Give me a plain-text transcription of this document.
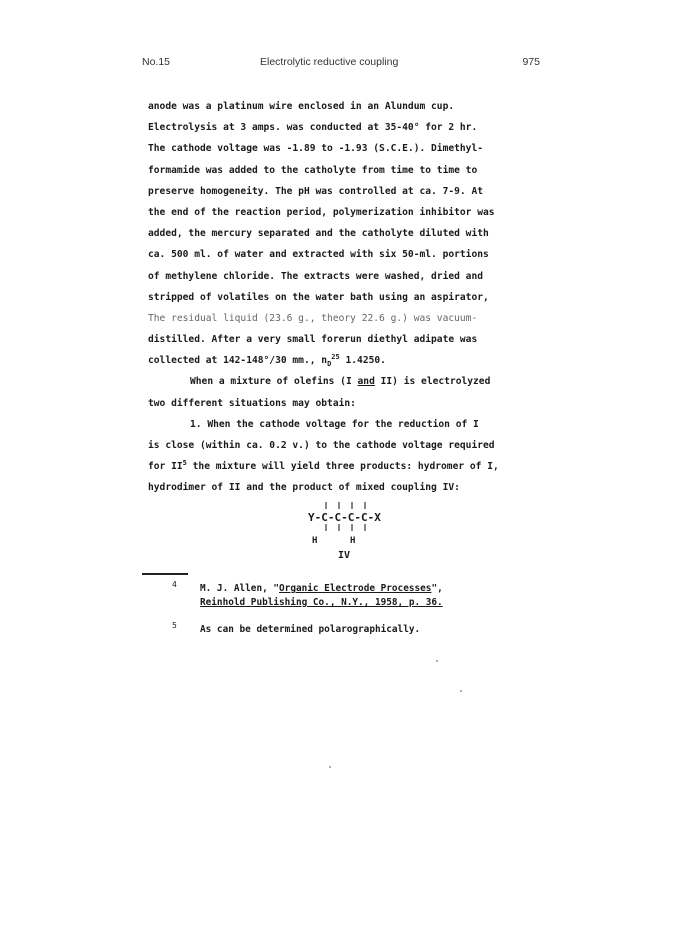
No.15	Electrolytic reductive coupling	975
anode was a platinum wire enclosed in an Alundum cup.
Electrolysis at 3 amps. was conducted at 35-40° for 2 hr.
The cathode voltage was -1.89 to -1.93 (S.C.E.). Dimethyl-
formamide was added to the catholyte from time to time to
preserve homogeneity. The pH was controlled at ca. 7-9. At
the end of the reaction period, polymerization inhibitor was
added, the mercury separated and the catholyte diluted with
ca. 500 ml. of water and extracted with six 50-ml. portions
of methylene chloride. The extracts were washed, dried and
stripped of volatiles on the water bath using an aspirator,
The residual liquid (23.6 g., theory 22.6 g.) was vacuum-
distilled. After a very small forerun diethyl adipate was
collected at 142-148°/30 mm., $n_D^{25}$ 1.4250.
When a mixture of olefins (I and II) is electrolyzed
two different situations may obtain:
1. When the cathode voltage for the reduction of I
is close (within ca. 0.2 v.) to the cathode voltage required
for $II^5$ the mixture will yield three products: hydromer of I,
hydrodimer of II and the product of mixed coupling IV:
Y-C-C-C-C-X
H	H
IV
4 M. J. Allen, "Organic Electrode Processes",
Reinhold Publishing Co., N.Y., 1958, p. 36.
5 As can be determined polarographically.
